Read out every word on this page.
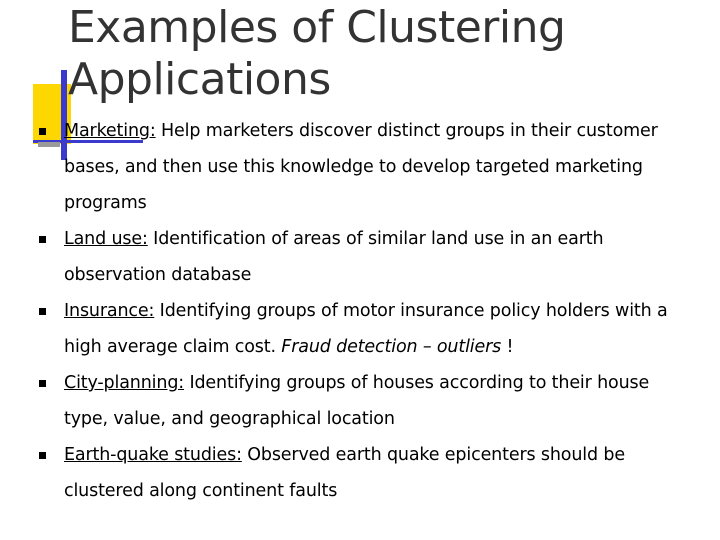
Examples of Clustering
Applications
Marketing: Help marketers discover distinct groups in their customer bases, and then use this knowledge to develop targeted marketing programs
Land use: Identification of areas of similar land use in an earth observation database
Insurance: Identifying groups of motor insurance policy holders with a high average claim cost. Fraud detection – outliers !
City-planning: Identifying groups of houses according to their house type, value, and geographical location
Earth-quake studies: Observed earth quake epicenters should be clustered along continent faults
